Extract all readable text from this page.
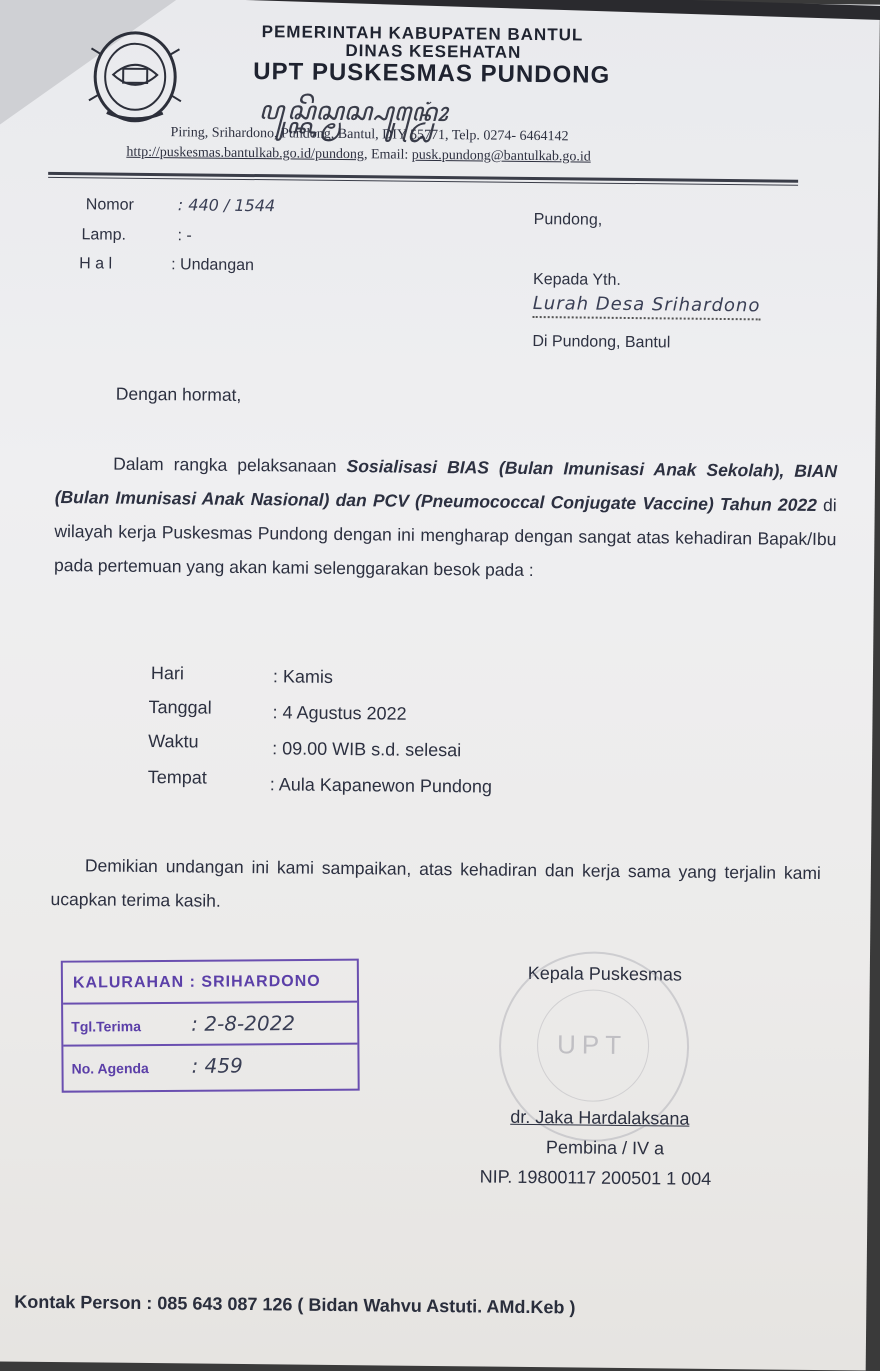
PEMERINTAH KABUPATEN BANTUL
DINAS KESEHATAN
UPT PUSKESMAS PUNDONG
ꦥꦸꦱ꧀ꦏꦼꦱ꧀ꦩꦱ꧀ꦥꦸꦤ꧀ꦝꦺꦴꦁ
Piring, Srihardono, Pundong, Bantul, DIY 55771, Telp. 0274- 6464142
http://puskesmas.bantulkab.go.id/pundong, Email: pusk.pundong@bantulkab.go.id
Nomor	: 440 / 1544
Lamp.	: -
H a l	: Undangan
Pundong,
Kepada Yth.
Lurah Desa Srihardono
Di Pundong, Bantul
Dengan hormat,
Dalam rangka pelaksanaan Sosialisasi BIAS (Bulan Imunisasi Anak Sekolah), BIAN (Bulan Imunisasi Anak Nasional) dan PCV (Pneumococcal Conjugate Vaccine) Tahun 2022 di wilayah kerja Puskesmas Pundong dengan ini mengharap dengan sangat atas kehadiran Bapak/Ibu pada pertemuan yang akan kami selenggarakan besok pada :
Hari	: Kamis
Tanggal	: 4 Agustus 2022
Waktu	: 09.00 WIB s.d. selesai
Tempat	: Aula Kapanewon Pundong
Demikian undangan ini kami sampaikan, atas kehadiran dan kerja sama yang terjalin kami ucapkan terima kasih.
KALURAHAN : SRIHARDONO
Tgl.Terima	: 2-8-2022
No. Agenda : 459
Kepala Puskesmas
UPT
dr. Jaka Hardalaksana
Pembina / IV a
NIP. 19800117 200501 1 004
Kontak Person : 085 643 087 126 ( Bidan Wahvu Astuti. AMd.Keb )
